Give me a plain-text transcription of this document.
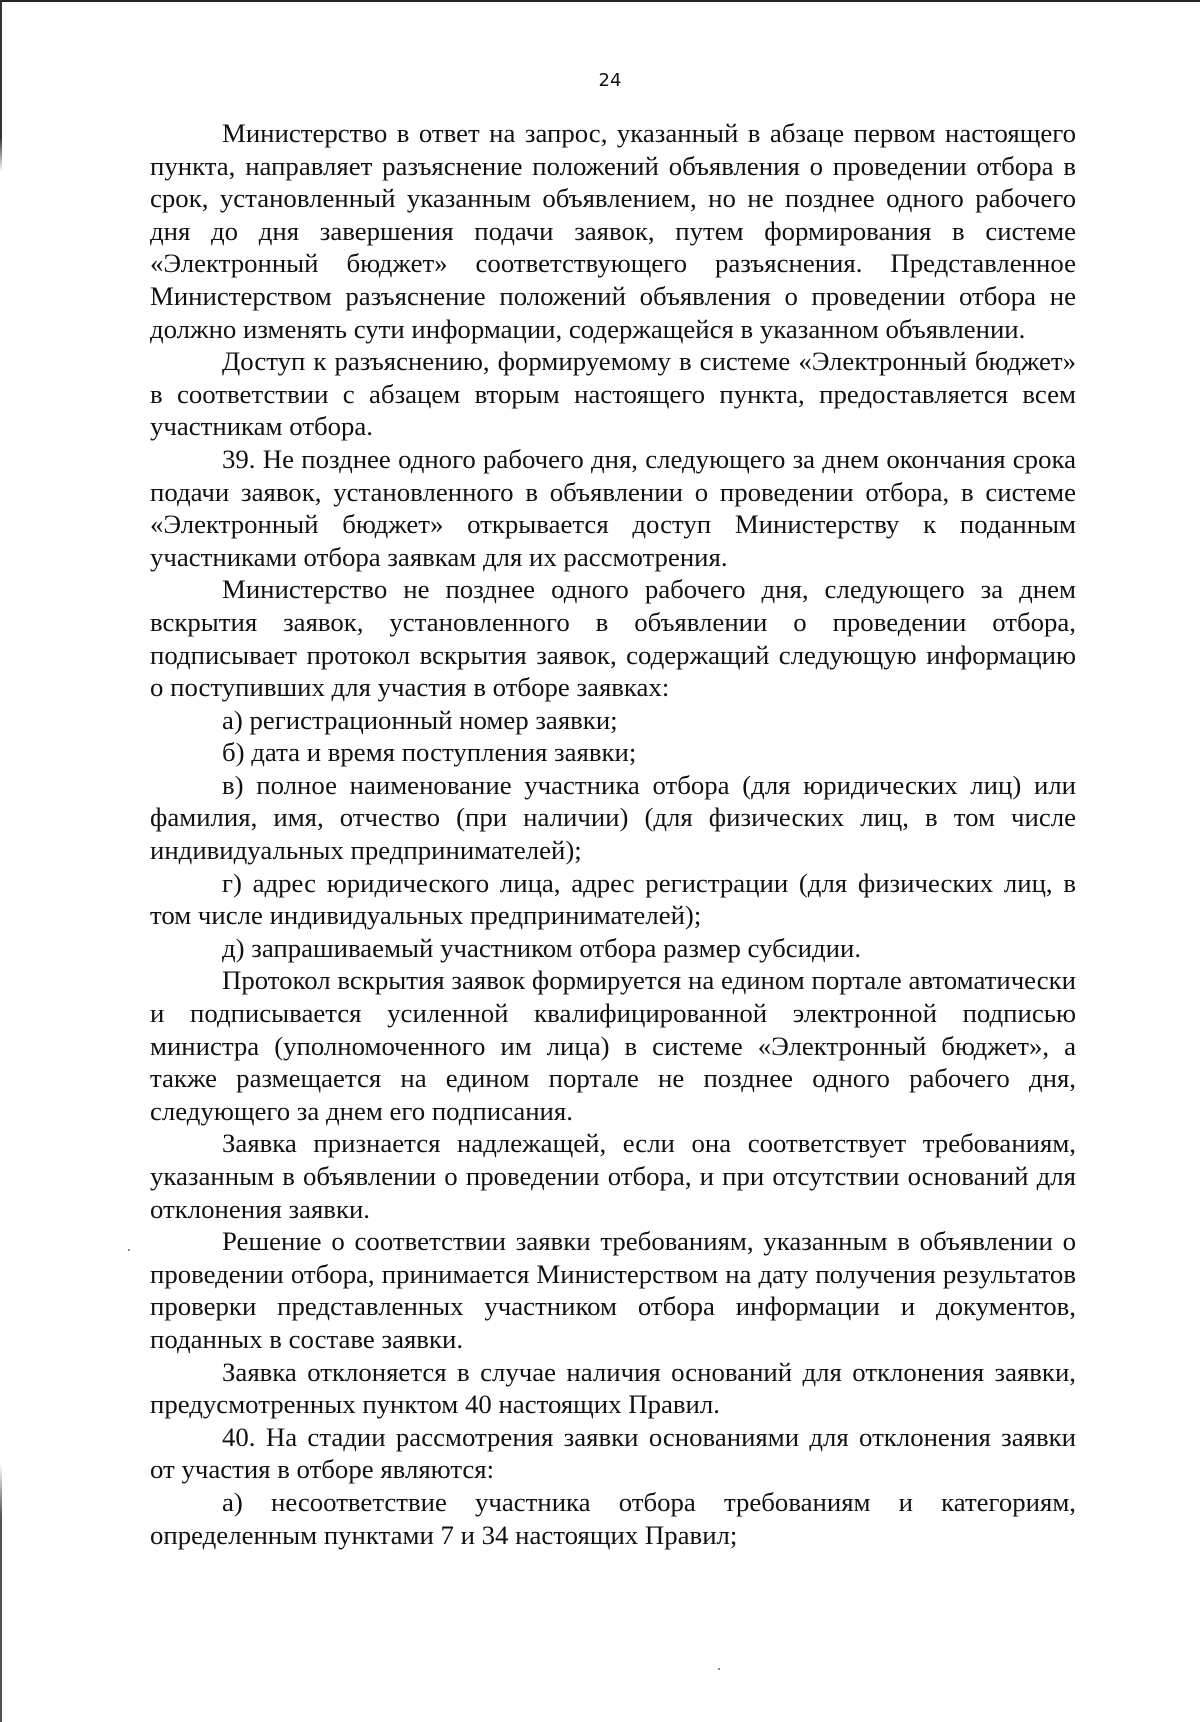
24

Министерство в ответ на запрос, указанный в абзаце первом настоящего пункта, направляет разъяснение положений объявления о проведении отбора в срок, установленный указанным объявлением, но не позднее одного рабочего дня до дня завершения подачи заявок, путем формирования в системе «Электронный бюджет» соответствующего разъяснения. Представленное Министерством разъяснение положений объявления о проведении отбора не должно изменять сути информации, содержащейся в указанном объявлении.

Доступ к разъяснению, формируемому в системе «Электронный бюджет» в соответствии с абзацем вторым настоящего пункта, предоставляется всем участникам отбора.

39. Не позднее одного рабочего дня, следующего за днем окончания срока подачи заявок, установленного в объявлении о проведении отбора, в системе «Электронный бюджет» открывается доступ Министерству к поданным участниками отбора заявкам для их рассмотрения.

Министерство не позднее одного рабочего дня, следующего за днем вскрытия заявок, установленного в объявлении о проведении отбора, подписывает протокол вскрытия заявок, содержащий следующую информацию о поступивших для участия в отборе заявках:

а) регистрационный номер заявки;

б) дата и время поступления заявки;

в) полное наименование участника отбора (для юридических лиц) или фамилия, имя, отчество (при наличии) (для физических лиц, в том числе индивидуальных предпринимателей);

г) адрес юридического лица, адрес регистрации (для физических лиц, в том числе индивидуальных предпринимателей);

д) запрашиваемый участником отбора размер субсидии.

Протокол вскрытия заявок формируется на едином портале автоматически и подписывается усиленной квалифицированной электронной подписью министра (уполномоченного им лица) в системе «Электронный бюджет», а также размещается на едином портале не позднее одного рабочего дня, следующего за днем его подписания.

Заявка признается надлежащей, если она соответствует требованиям, указанным в объявлении о проведении отбора, и при отсутствии оснований для отклонения заявки.

Решение о соответствии заявки требованиям, указанным в объявлении о проведении отбора, принимается Министерством на дату получения результатов проверки представленных участником отбора информации и документов, поданных в составе заявки.

Заявка отклоняется в случае наличия оснований для отклонения заявки, предусмотренных пунктом 40 настоящих Правил.

40. На стадии рассмотрения заявки основаниями для отклонения заявки от участия в отборе являются:

а) несоответствие участника отбора требованиям и категориям, определенным пунктами 7 и 34 настоящих Правил;
